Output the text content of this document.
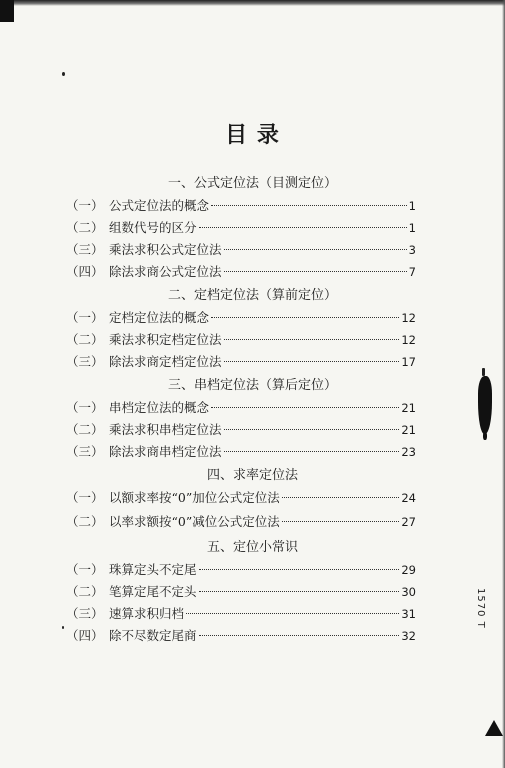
1570 T
目 录
一、公式定位法（目测定位）
（一） 公式定位法的概念	1
（二） 组数代号的区分	1
（三） 乘法求积公式定位法	3
（四） 除法求商公式定位法	7
二、定档定位法（算前定位）
（一） 定档定位法的概念	12
（二） 乘法求积定档定位法	12
（三） 除法求商定档定位法	17
三、串档定位法（算后定位）
（一） 串档定位法的概念	21
（二） 乘法求积串档定位法	21
（三） 除法求商串档定位法	23
四、求率定位法
（一） 以额求率按“0”加位公式定位法	24
（二） 以率求额按“0”减位公式定位法	27
五、定位小常识
（一） 珠算定头不定尾	29
（二） 笔算定尾不定头	30
（三） 速算求积归档	31
（四） 除不尽数定尾商	32
